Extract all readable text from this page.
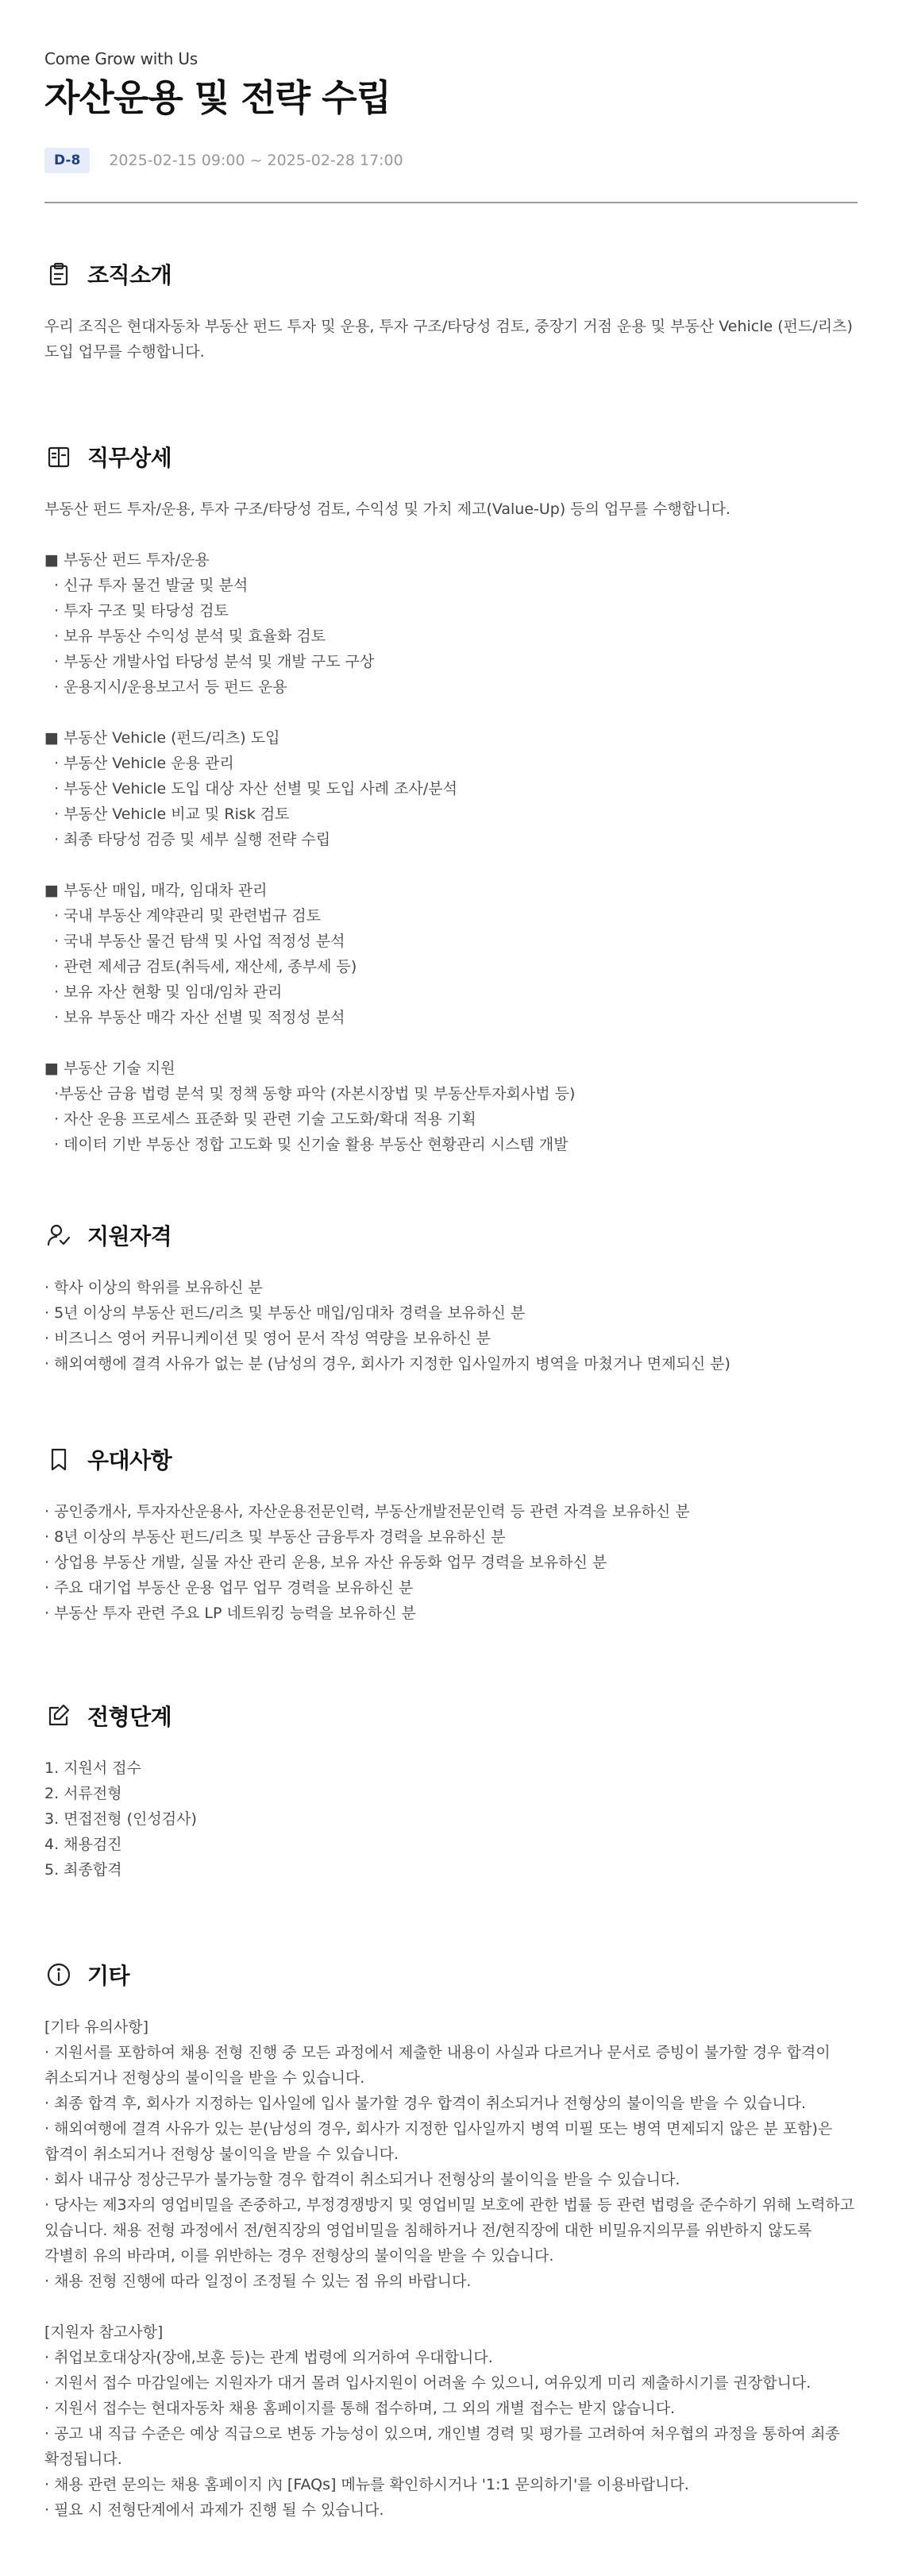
Come Grow with Us
자산운용 및 전략 수립
D-8	2025-02-15 09:00 ~ 2025-02-28 17:00
조직소개
우리 조직은 현대자동차 부동산 펀드 투자 및 운용, 투자 구조/타당성 검토, 중장기 거점 운용 및 부동산 Vehicle (펀드/리츠)
도입 업무를 수행합니다.
직무상세
부동산 펀드 투자/운용, 투자 구조/타당성 검토, 수익성 및 가치 제고(Value-Up) 등의 업무를 수행합니다.
■ 부동산 펀드 투자/운용
· 신규 투자 물건 발굴 및 분석
· 투자 구조 및 타당성 검토
· 보유 부동산 수익성 분석 및 효율화 검토
· 부동산 개발사업 타당성 분석 및 개발 구도 구상
· 운용지시/운용보고서 등 펀드 운용
■ 부동산 Vehicle (펀드/리츠) 도입
· 부동산 Vehicle 운용 관리
· 부동산 Vehicle 도입 대상 자산 선별 및 도입 사례 조사/분석
· 부동산 Vehicle 비교 및 Risk 검토
· 최종 타당성 검증 및 세부 실행 전략 수립
■ 부동산 매입, 매각, 임대차 관리
· 국내 부동산 계약관리 및 관련법규 검토
· 국내 부동산 물건 탐색 및 사업 적정성 분석
· 관련 제세금 검토(취득세, 재산세, 종부세 등)
· 보유 자산 현황 및 임대/임차 관리
· 보유 부동산 매각 자산 선별 및 적정성 분석
■ 부동산 기술 지원
·부동산 금융 법령 분석 및 정책 동향 파악 (자본시장법 및 부동산투자회사법 등)
· 자산 운용 프로세스 표준화 및 관련 기술 고도화/확대 적용 기획
· 데이터 기반 부동산 정합 고도화 및 신기술 활용 부동산 현황관리 시스템 개발
지원자격
· 학사 이상의 학위를 보유하신 분
· 5년 이상의 부동산 펀드/리츠 및 부동산 매입/임대차 경력을 보유하신 분
· 비즈니스 영어 커뮤니케이션 및 영어 문서 작성 역량을 보유하신 분
· 해외여행에 결격 사유가 없는 분 (남성의 경우, 회사가 지정한 입사일까지 병역을 마쳤거나 면제되신 분)
우대사항
· 공인중개사, 투자자산운용사, 자산운용전문인력, 부동산개발전문인력 등 관련 자격을 보유하신 분
· 8년 이상의 부동산 펀드/리츠 및 부동산 금융투자 경력을 보유하신 분
· 상업용 부동산 개발, 실물 자산 관리 운용, 보유 자산 유동화 업무 경력을 보유하신 분
· 주요 대기업 부동산 운용 업무 업무 경력을 보유하신 분
· 부동산 투자 관련 주요 LP 네트워킹 능력을 보유하신 분
전형단계
1. 지원서 접수
2. 서류전형
3. 면접전형 (인성검사)
4. 채용검진
5. 최종합격
기타
[기타 유의사항]
· 지원서를 포함하여 채용 전형 진행 중 모든 과정에서 제출한 내용이 사실과 다르거나 문서로 증빙이 불가할 경우 합격이
취소되거나 전형상의 불이익을 받을 수 있습니다.
· 최종 합격 후, 회사가 지정하는 입사일에 입사 불가할 경우 합격이 취소되거나 전형상의 불이익을 받을 수 있습니다.
· 해외여행에 결격 사유가 있는 분(남성의 경우, 회사가 지정한 입사일까지 병역 미필 또는 병역 면제되지 않은 분 포함)은
합격이 취소되거나 전형상 불이익을 받을 수 있습니다.
· 회사 내규상 정상근무가 불가능할 경우 합격이 취소되거나 전형상의 불이익을 받을 수 있습니다.
· 당사는 제3자의 영업비밀을 존중하고, 부정경쟁방지 및 영업비밀 보호에 관한 법률 등 관련 법령을 준수하기 위해 노력하고
있습니다. 채용 전형 과정에서 전/현직장의 영업비밀을 침해하거나 전/현직장에 대한 비밀유지의무를 위반하지 않도록
각별히 유의 바라며, 이를 위반하는 경우 전형상의 불이익을 받을 수 있습니다.
· 채용 전형 진행에 따라 일정이 조정될 수 있는 점 유의 바랍니다.
[지원자 참고사항]
· 취업보호대상자(장애,보훈 등)는 관계 법령에 의거하여 우대합니다.
· 지원서 접수 마감일에는 지원자가 대거 몰려 입사지원이 어려울 수 있으니, 여유있게 미리 제출하시기를 권장합니다.
· 지원서 접수는 현대자동차 채용 홈페이지를 통해 접수하며, 그 외의 개별 접수는 받지 않습니다.
· 공고 내 직급 수준은 예상 직급으로 변동 가능성이 있으며, 개인별 경력 및 평가를 고려하여 처우협의 과정을 통하여 최종
확정됩니다.
· 채용 관련 문의는 채용 홈페이지 內 [FAQs] 메뉴를 확인하시거나 '1:1 문의하기'를 이용바랍니다.
· 필요 시 전형단계에서 과제가 진행 될 수 있습니다.
